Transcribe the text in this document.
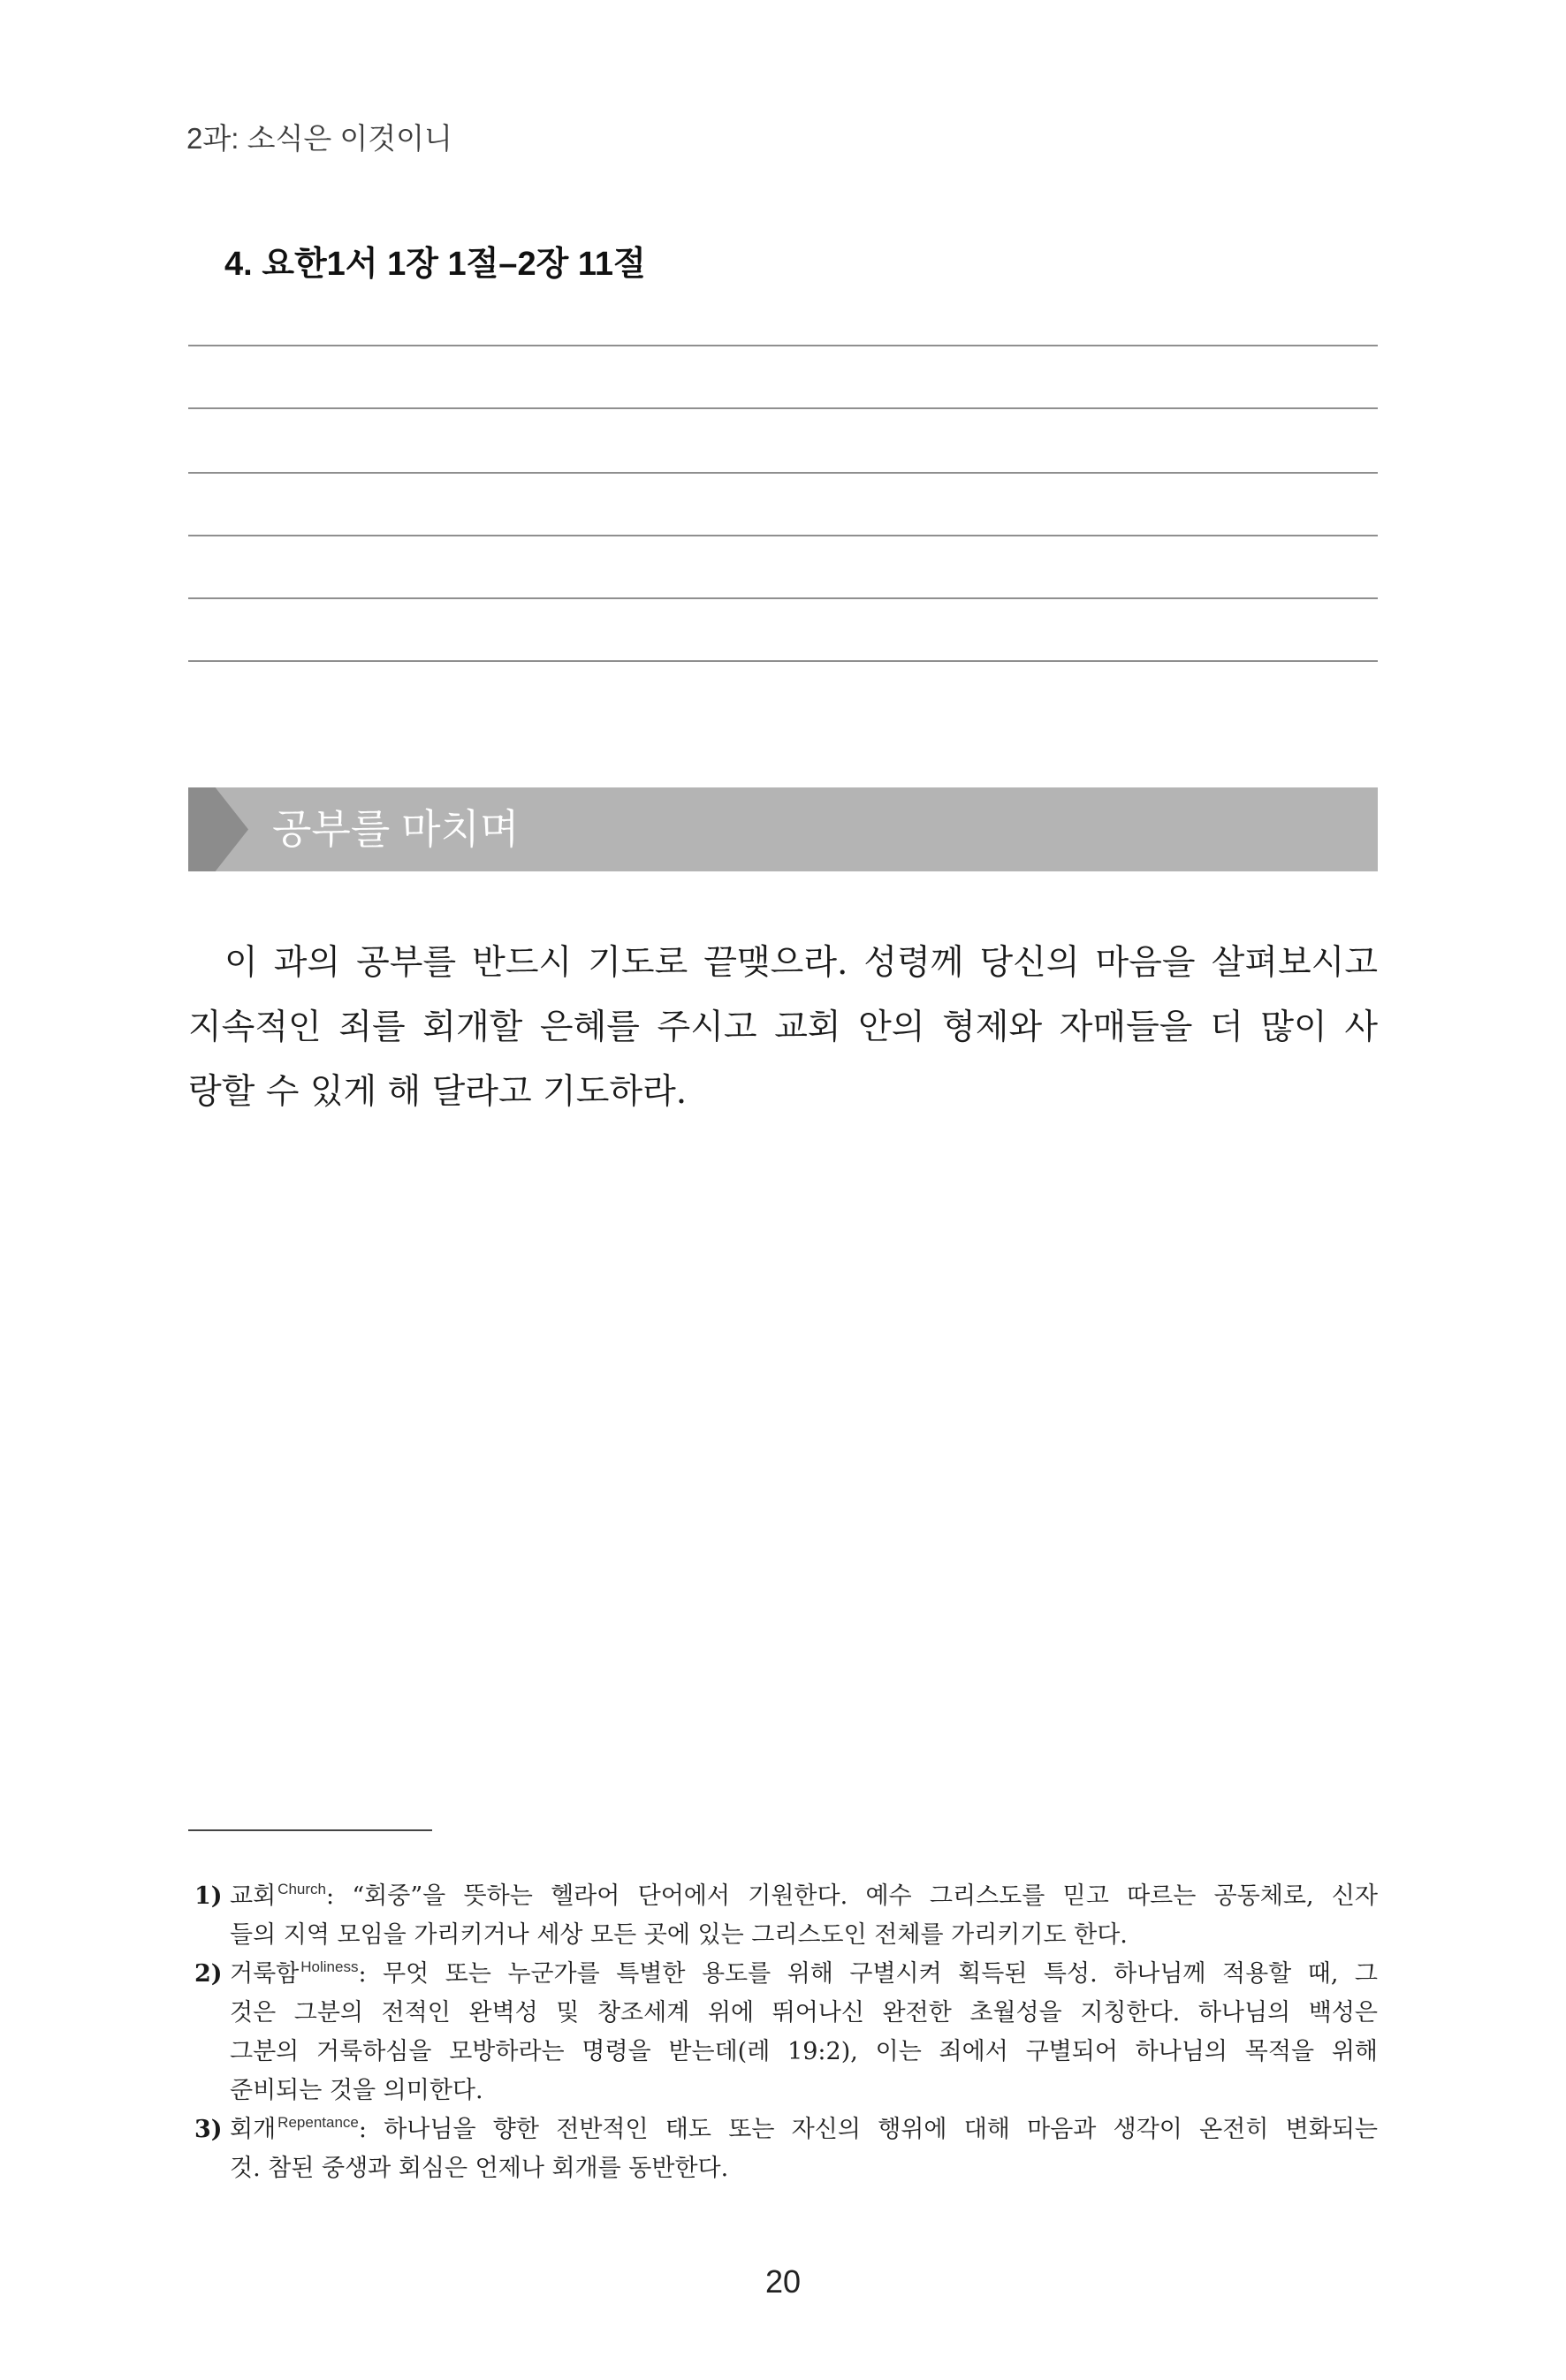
2과: 소식은 이것이니
4. 요한1서 1장 1절–2장 11절
공부를 마치며
이 과의 공부를 반드시 기도로 끝맺으라. 성령께 당신의 마음을 살펴보시고
지속적인 죄를 회개할 은혜를 주시고 교회 안의 형제와 자매들을 더 많이 사
랑할 수 있게 해 달라고 기도하라.
1) 교회 $^{Church}$: “회중”을 뜻하는 헬라어 단어에서 기원한다. 예수 그리스도를 믿고 따르는 공동체로, 신자
들의 지역 모임을 가리키거나 세상 모든 곳에 있는 그리스도인 전체를 가리키기도 한다.
2) 거룩함 $^{Holiness}$: 무엇 또는 누군가를 특별한 용도를 위해 구별시켜 획득된 특성. 하나님께 적용할 때, 그
것은 그분의 전적인 완벽성 및 창조세계 위에 뛰어나신 완전한 초월성을 지칭한다. 하나님의 백성은
그분의 거룩하심을 모방하라는 명령을 받는데(레 19:2), 이는 죄에서 구별되어 하나님의 목적을 위해
준비되는 것을 의미한다.
3) 회개 $^{Repentance}$: 하나님을 향한 전반적인 태도 또는 자신의 행위에 대해 마음과 생각이 온전히 변화되는
것. 참된 중생과 회심은 언제나 회개를 동반한다.
20
